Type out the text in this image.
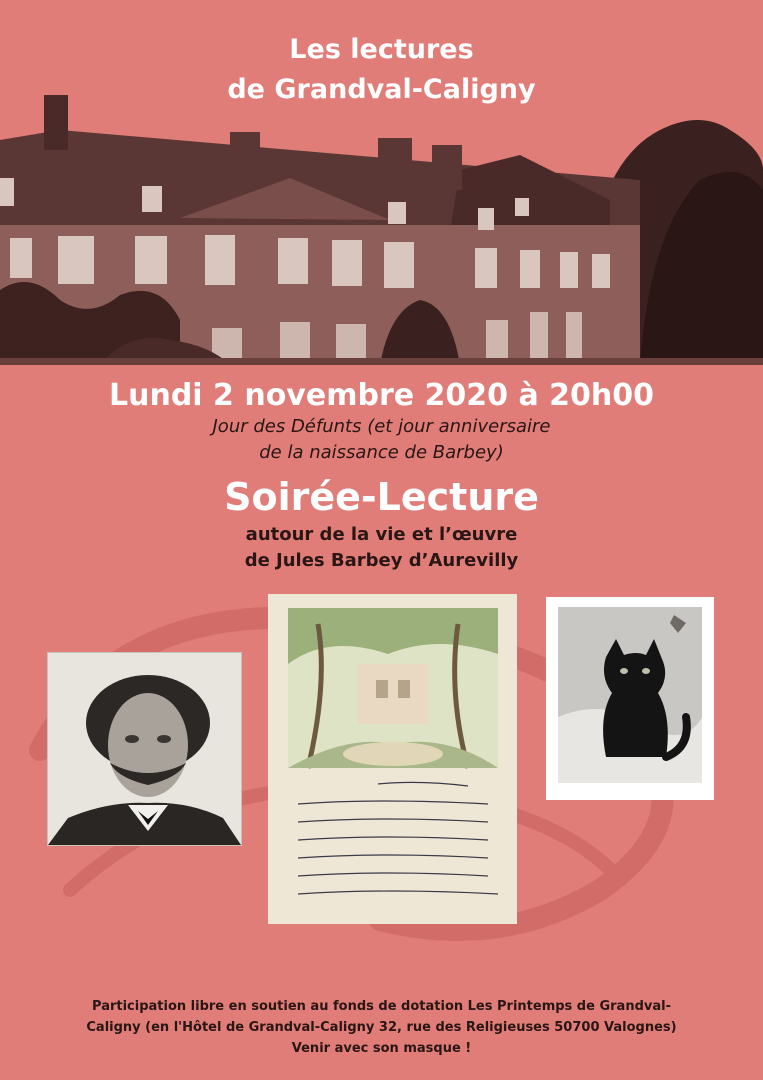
Les lectures
de Grandval-Caligny
Lundi 2 novembre 2020 à 20h00
Jour des Défunts (et jour anniversaire
de la naissance de Barbey)
Soirée-Lecture
autour de la vie et l’œuvre
de Jules Barbey d’Aurevilly
Participation libre en soutien au fonds de dotation Les Printemps de Grandval-
Caligny (en l'Hôtel de Grandval-Caligny 32, rue des Religieuses 50700 Valognes)
Venir avec son masque !
